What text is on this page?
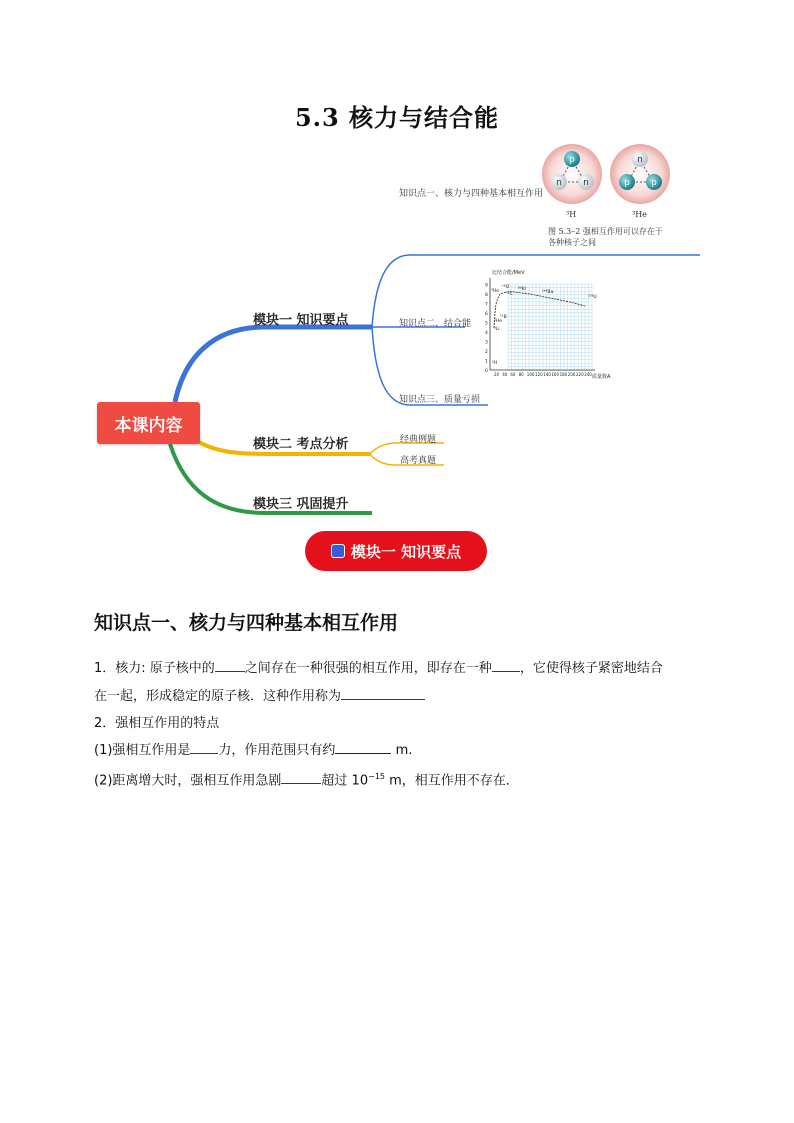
5.3 核力与结合能
本课内容
模块一 知识要点
模块二 考点分析
模块三 巩固提升
知识点一、核力与四种基本相互作用
知识点二、结合能
知识点三、质量亏损
经典例题
高考真题
p
n n
n
p p
³H	³He
图 5.3–2 强相互作用可以存在于
各种核子之间
比结合能/MeV
质量数A
0
1
2
3
4
5
6
7
8
9
20 40 60 80 100 120 140 160 180 200 220 240
¹⁶O
¹²C
⁴He	⁸⁹Kr
¹⁴⁴Ba
²³⁸U
⁶Li
²H
³He
¹¹B
模块一 知识要点
知识点一、核力与四种基本相互作用
1．核力: 原子核中的 之间存在一种很强的相互作用，即存在一种 ，它使得核子紧密地结合
在一起，形成稳定的原子核．这种作用称为
2．强相互作用的特点
(1)强相互作用是 力，作用范围只有约	m.
(2)距离增大时，强相互作用急剧	超过 $10^{-15}$ m，相互作用不存在．
